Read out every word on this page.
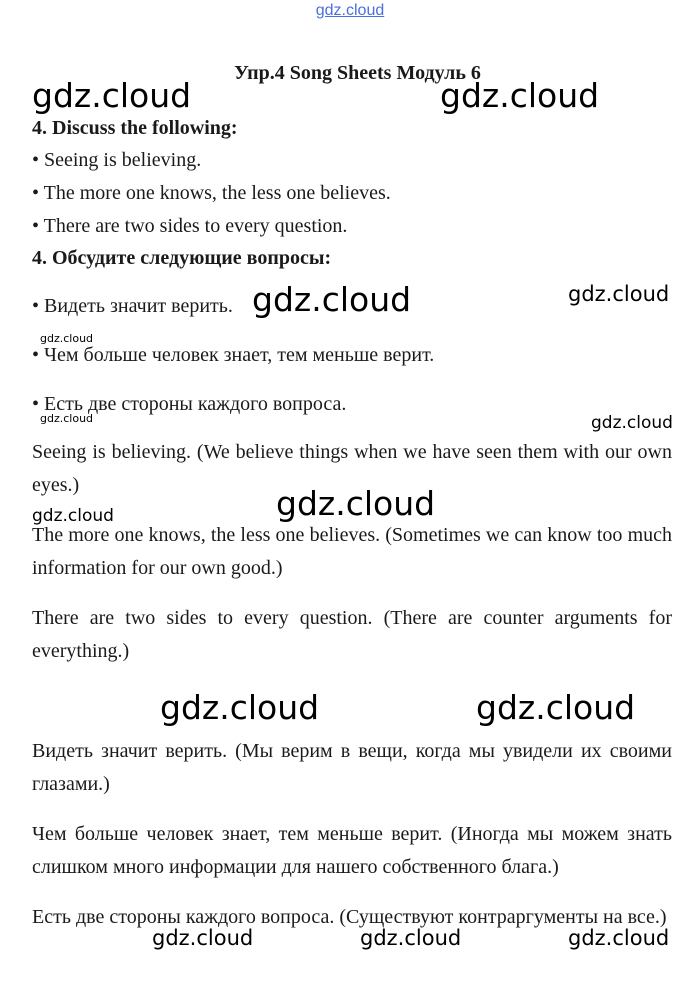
gdz.cloud
Упр.4 Song Sheets Модуль 6
4. Discuss the following:
• Seeing is believing.
• The more one knows, the less one believes.
• There are two sides to every question.
4. Обсудите следующие вопросы:
• Видеть значит верить.
• Чем больше человек знает, тем меньше верит.
• Есть две стороны каждого вопроса.
Seeing is believing. (We believe things when we have seen them with our own eyes.)
The more one knows, the less one believes. (Sometimes we can know too much information for our own good.)
There are two sides to every question. (There are counter arguments for everything.)
Видеть значит верить. (Мы верим в вещи, когда мы увидели их своими глазами.)
Чем больше человек знает, тем меньше верит. (Иногда мы можем знать слишком много информации для нашего собственного блага.)
Есть две стороны каждого вопроса. (Существуют контраргументы на все.)
gdz.cloud	gdz.cloud
gdz.cloud	gdz.cloud
gdz.cloud
gdz.cloud	gdz.cloud
gdz.cloud
gdz.cloud
gdz.cloud	gdz.cloud
gdz.cloud	gdz.cloud	gdz.cloud
